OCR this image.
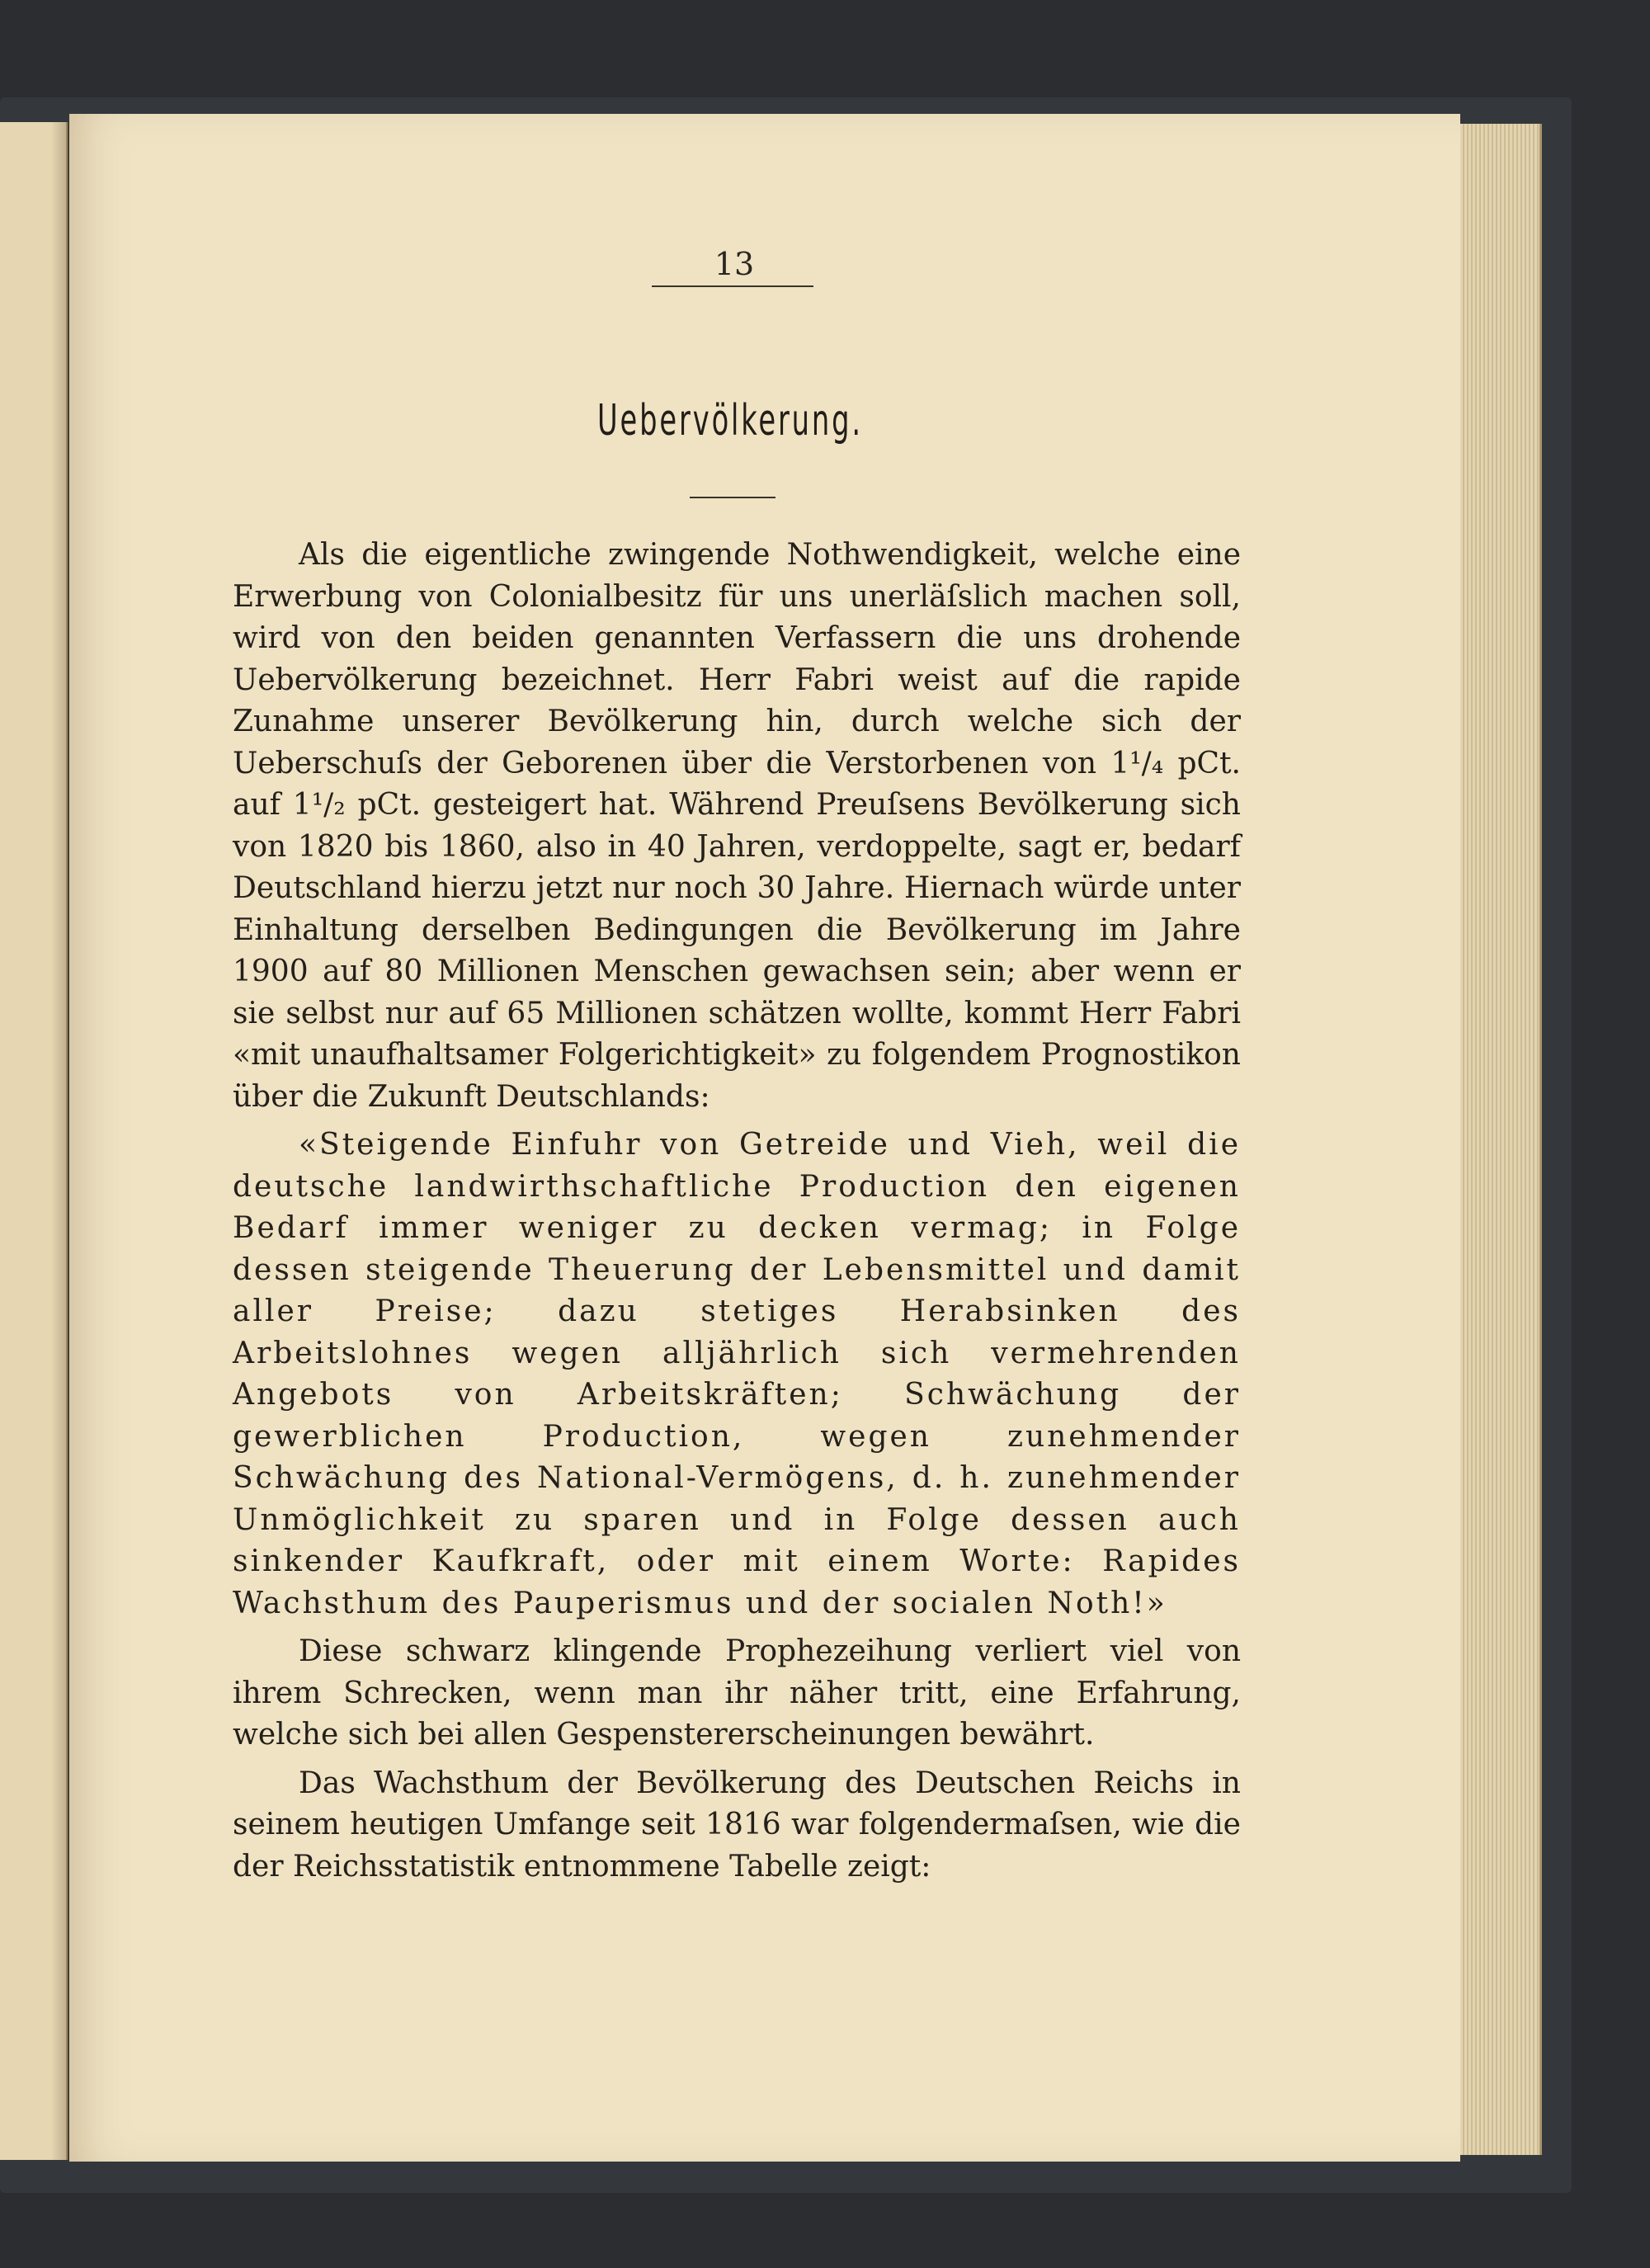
13
Uebervölkerung.

Als die eigentliche zwingende Nothwendigkeit, welche eine Erwerbung von Colonialbesitz für uns unerläſslich machen soll, wird von den beiden genannten Verfassern die uns drohende Uebervölkerung bezeichnet. Herr Fabri weist auf die rapide Zunahme unserer Bevölkerung hin, durch welche sich der Ueberschuſs der Geborenen über die Verstorbenen von 1¹/₄ pCt. auf 1¹/₂ pCt. gesteigert hat. Während Preuſsens Bevölkerung sich von 1820 bis 1860, also in 40 Jahren, verdoppelte, sagt er, bedarf Deutschland hierzu jetzt nur noch 30 Jahre. Hiernach würde unter Einhaltung derselben Bedingungen die Bevölkerung im Jahre 1900 auf 80 Millionen Menschen gewachsen sein; aber wenn er sie selbst nur auf 65 Millionen schätzen wollte, kommt Herr Fabri «mit unaufhaltsamer Folgerichtigkeit» zu folgendem Prognostikon über die Zukunft Deutschlands:

«Steigende Einfuhr von Getreide und Vieh, weil die deutsche landwirthschaftliche Production den eigenen Bedarf immer weniger zu decken vermag; in Folge dessen steigende Theuerung der Lebensmittel und damit aller Preise; dazu stetiges Herabsinken des Arbeitslohnes wegen alljährlich sich vermehrenden Angebots von Arbeitskräften; Schwächung der gewerblichen Production, wegen zunehmender Schwächung des National-Vermögens, d. h. zunehmender Unmöglichkeit zu sparen und in Folge dessen auch sinkender Kaufkraft, oder mit einem Worte: Rapides Wachsthum des Pauperismus und der socialen Noth!»

Diese schwarz klingende Prophezeihung verliert viel von ihrem Schrecken, wenn man ihr näher tritt, eine Erfahrung, welche sich bei allen Gespenstererscheinungen bewährt.

Das Wachsthum der Bevölkerung des Deutschen Reichs in seinem heutigen Umfange seit 1816 war folgendermaſsen, wie die der Reichsstatistik entnommene Tabelle zeigt:
